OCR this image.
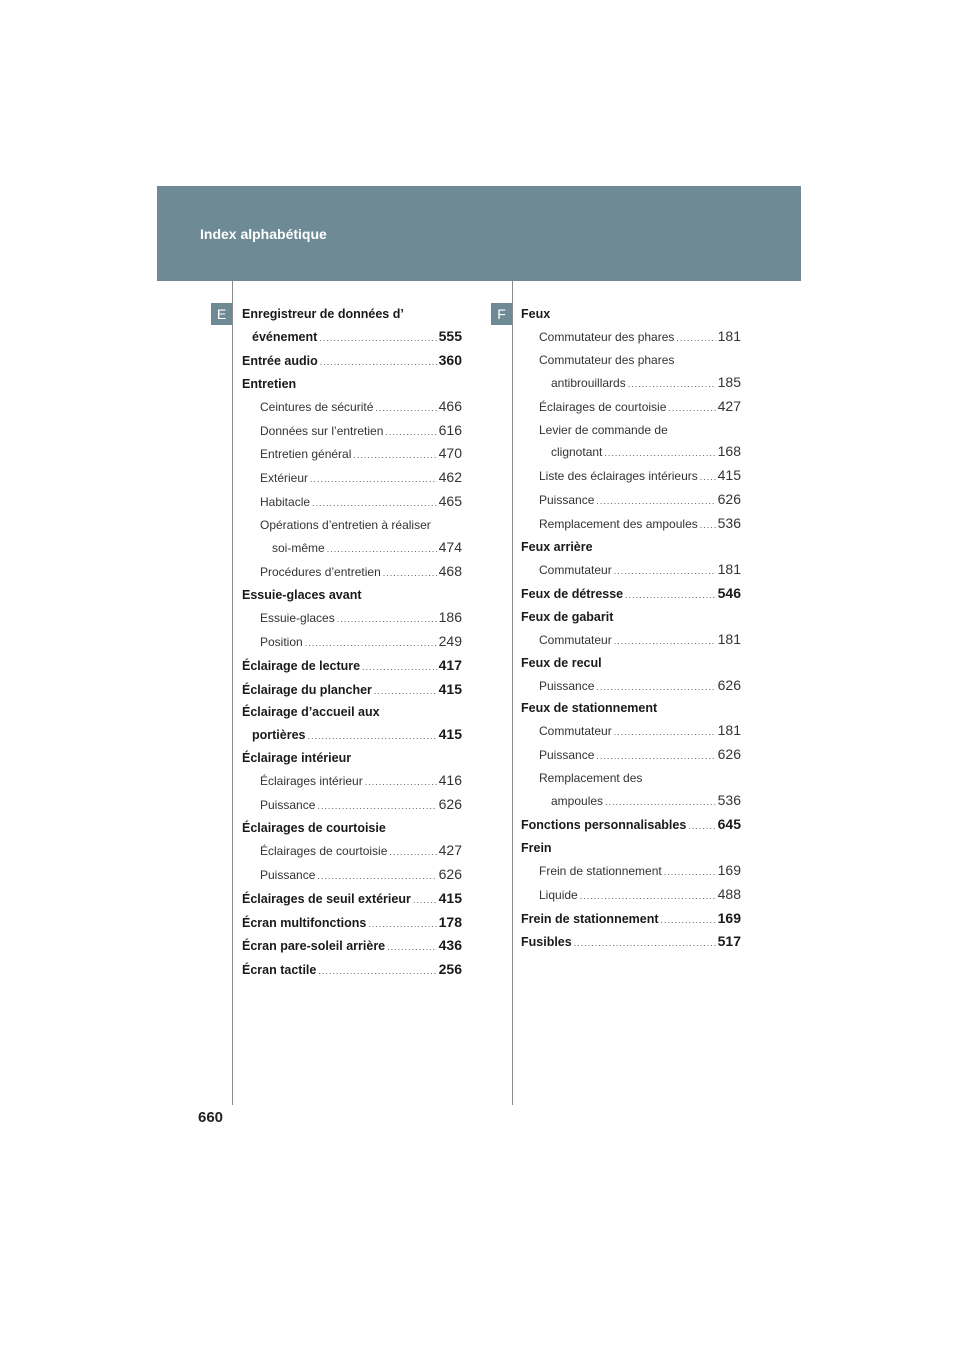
Index alphabétique
E	F
Enregistreur de données d’
événement .....	555
Entrée audio .....	360
Entretien
Ceintures de sécurité .....	466
Données sur l’entretien .....	616
Entretien général .....	470
Extérieur .....	462
Habitacle .....	465
Opérations d’entretien à réaliser
soi-même .....	474
Procédures d’entretien .....	468
Essuie-glaces avant
Essuie-glaces .....	186
Position .....	249
Éclairage de lecture .....	417
Éclairage du plancher .....	415
Éclairage d’accueil aux
portières .....	415
Éclairage intérieur
Éclairages intérieur .....	416
Puissance .....	626
Éclairages de courtoisie
Éclairages de courtoisie .....	427
Puissance .....	626
Éclairages de seuil extérieur ..... 415
Écran multifonctions .....	178
Écran pare-soleil arrière .....	436
Écran tactile .....	256
Feux
Commutateur des phares .....	181
Commutateur des phares
antibrouillards .....	185
Éclairages de courtoisie .....	427
Levier de commande de
clignotant .....	168
Liste des éclairages intérieurs ..... 415
Puissance .....	626
Remplacement des ampoules ..... 536
Feux arrière
Commutateur .....	181
Feux de détresse .....	546
Feux de gabarit
Commutateur .....	181
Feux de recul
Puissance .....	626
Feux de stationnement
Commutateur .....	181
Puissance .....	626
Remplacement des
ampoules .....	536
Fonctions personnalisables ..... 645
Frein
Frein de stationnement .....	169
Liquide .....	488
Frein de stationnement .....	169
Fusibles .....	517
660
